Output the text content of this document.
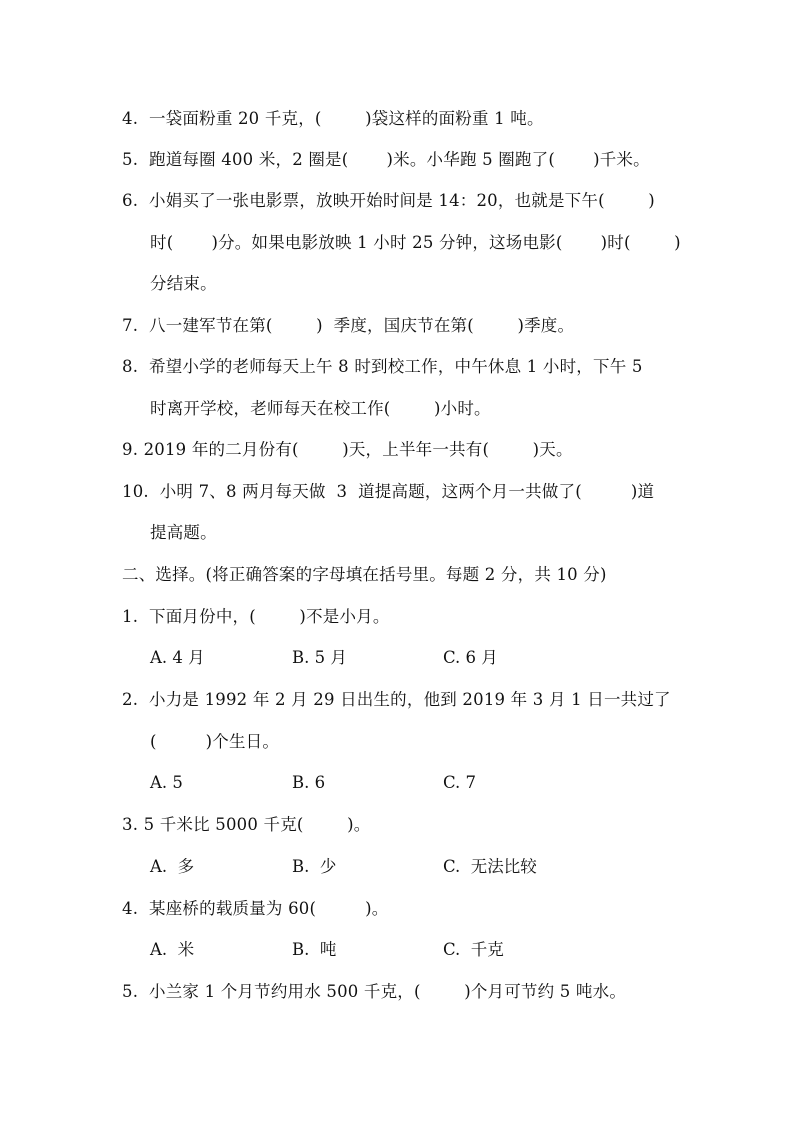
4.  一袋面粉重 20 千克，(        )袋这样的面粉重 1 吨。
5.  跑道每圈 400 米，2 圈是(       )米。小华跑 5 圈跑了(       )千米。
6.  小娟买了一张电影票，放映开始时间是 14：20，也就是下午(        )
时(       )分。如果电影放映 1 小时 25 分钟，这场电影(       )时(        )
分结束。
7.  八一建军节在第(        )  季度，国庆节在第(        )季度。
8.  希望小学的老师每天上午 8 时到校工作，中午休息 1 小时，下午 5
时离开学校，老师每天在校工作(        )小时。
9. 2019 年的二月份有(        )天，上半年一共有(        )天。
10.  小明 7、8 两月每天做  3  道提高题，这两个月一共做了(         )道
提高题。
二、选择。(将正确答案的字母填在括号里。每题 2 分，共 10 分)
1.  下面月份中，(        )不是小月。
A. 4 月	B. 5 月	C. 6 月
2.  小力是 1992 年 2 月 29 日出生的，他到 2019 年 3 月 1 日一共过了
(         )个生日。
A. 5	B. 6	C. 7
3. 5 千米比 5000 千克(        )。
A.  多	B.  少	C.  无法比较
4.  某座桥的载质量为 60(         )。
A.  米	B.  吨	C.  千克
5.  小兰家 1 个月节约用水 500 千克，(        )个月可节约 5 吨水。
